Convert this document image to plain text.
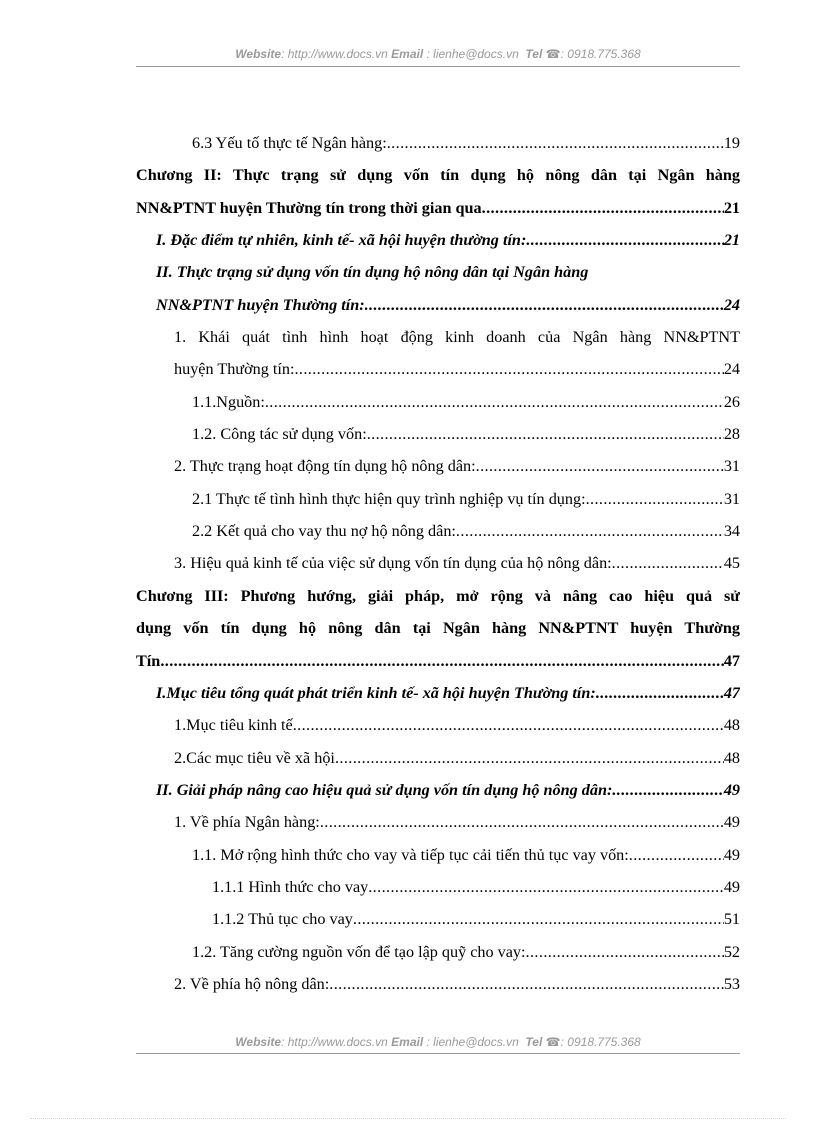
Website: http://www.docs.vn Email : lienhe@docs.vn Tel ☎: 0918.775.368
6.3 Yếu tố thực tế Ngân hàng: .....	19
Chương II: Thực trạng sử dụng vốn tín dụng hộ nông dân tại Ngân hàng
NN&PTNT huyện Thường tín trong thời gian qua .....	21
I. Đặc điểm tự nhiên, kinh tế- xã hội huyện thường tín: .....	21
II. Thực trạng sử dụng vốn tín dụng hộ nông dân tại Ngân hàng
NN&PTNT huyện Thường tín: .....	24
1. Khái quát tình hình hoạt động kinh doanh của Ngân hàng NN&PTNT
huyện Thường tín: .....	24
1.1.Nguồn: .....	26
1.2. Công tác sử dụng vốn: .....	28
2. Thực trạng hoạt động tín dụng hộ nông dân: .....	31
2.1 Thực tế tình hình thực hiện quy trình nghiệp vụ tín dụng: .....	31
2.2 Kết quả cho vay thu nợ hộ nông dân: .....	34
3. Hiệu quả kinh tế của việc sử dụng vốn tín dụng của hộ nông dân: .....	45
Chương III: Phương hướng, giải pháp, mở rộng và nâng cao hiệu quả sử
dụng vốn tín dụng hộ nông dân tại Ngân hàng NN&PTNT huyện Thường
Tín .....	47
I.Mục tiêu tổng quát phát triển kinh tế- xã hội huyện Thường tín: .....	47
1.Mục tiêu kinh tế .....	48
2.Các mục tiêu về xã hội .....	48
II. Giải pháp nâng cao hiệu quả sử dụng vốn tín dụng hộ nông dân: .....	49
1. Về phía Ngân hàng: .....	49
1.1. Mở rộng hình thức cho vay và tiếp tục cải tiến thủ tục vay vốn: .....	49
1.1.1 Hình thức cho vay .....	49
1.1.2 Thủ tục cho vay .....	51
1.2. Tăng cường nguồn vốn để tạo lập quỹ cho vay: .....	52
2. Về phía hộ nông dân: .....	53
Website: http://www.docs.vn Email : lienhe@docs.vn Tel ☎: 0918.775.368
